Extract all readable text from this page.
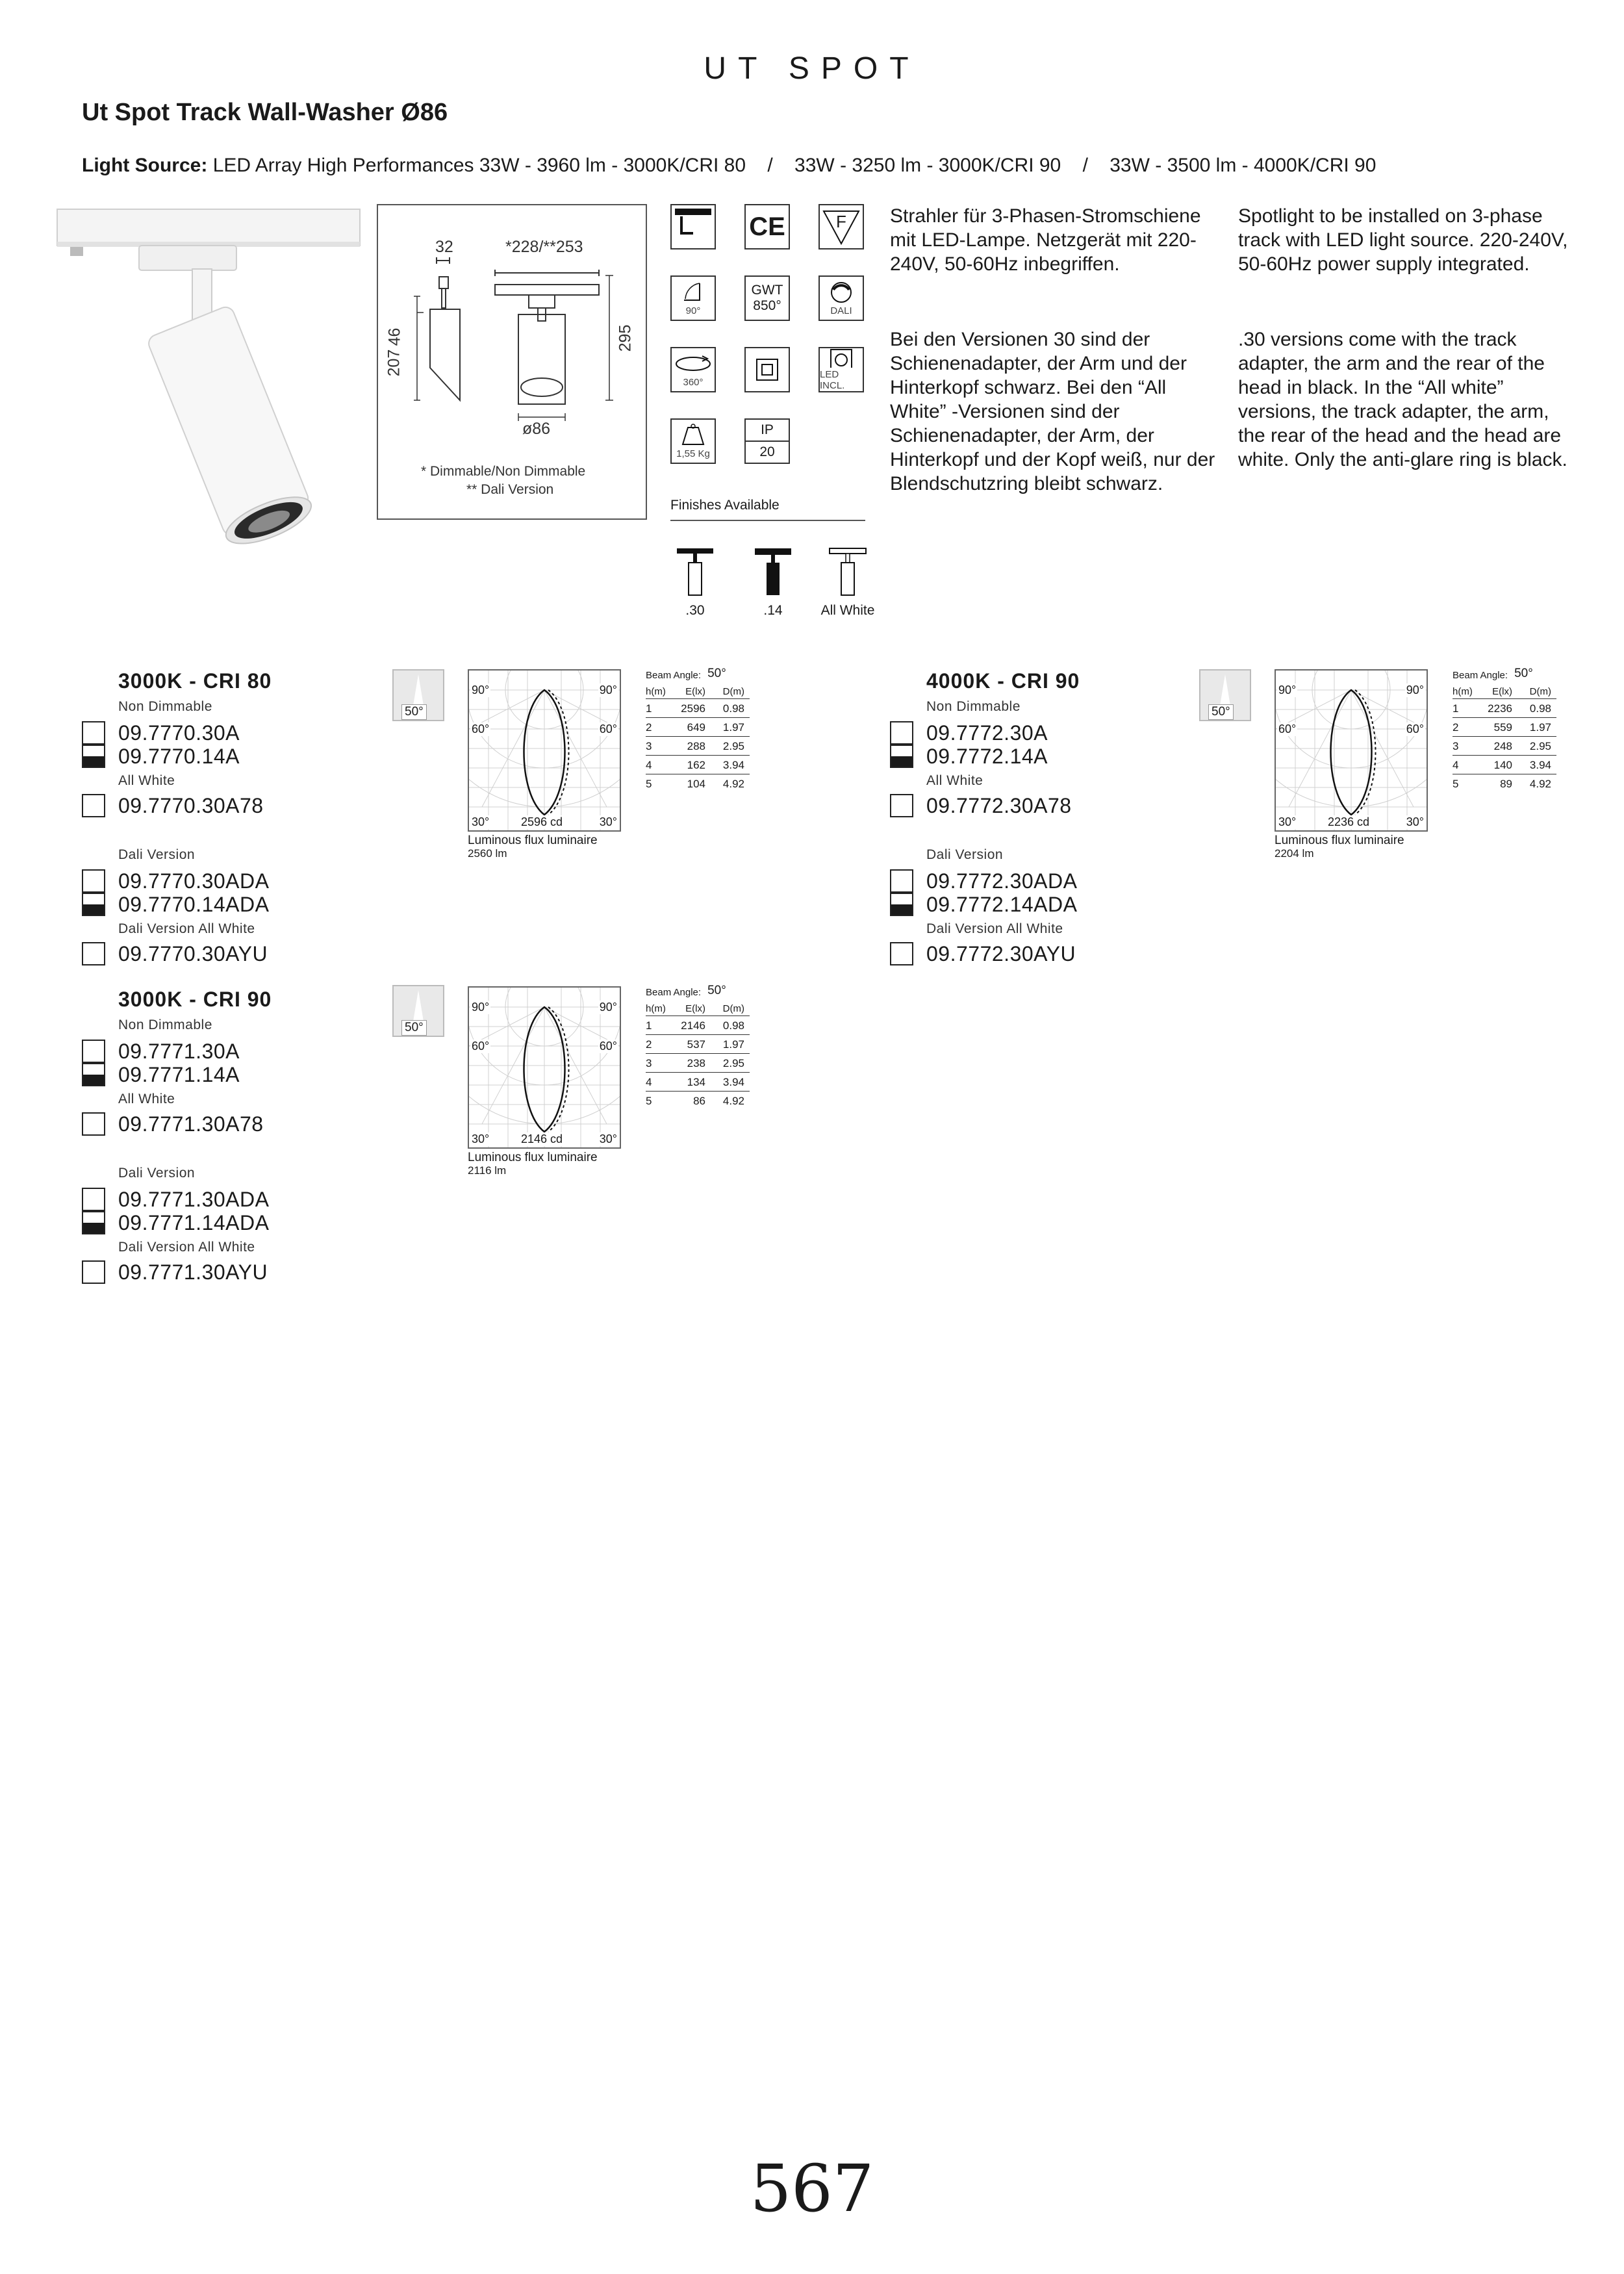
UT SPOT
Ut Spot Track Wall-Washer Ø86
Light Source: LED Array High Performances 33W - 3960 lm - 3000K/CRI 80    /    33W - 3250 lm - 3000K/CRI 90    /    33W - 3500 lm - 4000K/CRI 90
32	*228/**253
46
207
295
ø86
* Dimmable/Non Dimmable
** Dali Version
CE	F
90°
GWT
850°	DALI
360°
LED INCL.
1,55 Kg
IP
20
Finishes Available
.30	.14	All White
Strahler für 3-Phasen-Stromschiene mit LED-Lampe. Netzgerät mit 220-240V, 50-60Hz inbegriffen.
Bei den Versionen 30 sind der Schienenadapter, der Arm und der Hinterkopf schwarz. Bei den “All White” -Versionen sind der Schienenadapter, der Arm, der Hinterkopf und der Kopf weiß, nur der Blendschutzring bleibt schwarz.
Spotlight to be installed on 3-phase track with LED light source. 220-240V, 50-60Hz power supply integrated.
.30 versions come with the track adapter, the arm and the rear of the head in black. In the “All white” versions, the track adapter, the arm, the rear of the head and the head are white. Only the anti-glare ring is black.
3000K - CRI 80
Non Dimmable
09.7770.30A
09.7770.14A
All White
09.7770.30A78
Dali Version
09.7770.30ADA
09.7770.14ADA
Dali Version All White
09.7770.30AYU
50°
90°	90°
60°	60°
30°	30°
2596 cd
Luminous flux luminaire
2560 lm
Beam Angle: 50°
h(m)	E(lx)	D(m)
1	2596	0.98
2	649	1.97
3	288	2.95
4	162	3.94
5	104	4.92
4000K - CRI 90
Non Dimmable
09.7772.30A
09.7772.14A
All White
09.7772.30A78
Dali Version
09.7772.30ADA
09.7772.14ADA
Dali Version All White
09.7772.30AYU
50°
90°	90°
60°	60°
30°	30°
2236 cd
Luminous flux luminaire
2204 lm
Beam Angle: 50°
h(m)	E(lx)	D(m)
1	2236	0.98
2	559	1.97
3	248	2.95
4	140	3.94
5	89	4.92
3000K - CRI 90
Non Dimmable
09.7771.30A
09.7771.14A
All White
09.7771.30A78
Dali Version
09.7771.30ADA
09.7771.14ADA
Dali Version All White
09.7771.30AYU
50°
90°	90°
60°	60°
30°	30°
2146 cd
Luminous flux luminaire
2116 lm
Beam Angle: 50°
h(m)	E(lx)	D(m)
1	2146	0.98
2	537	1.97
3	238	2.95
4	134	3.94
5	86	4.92
567
